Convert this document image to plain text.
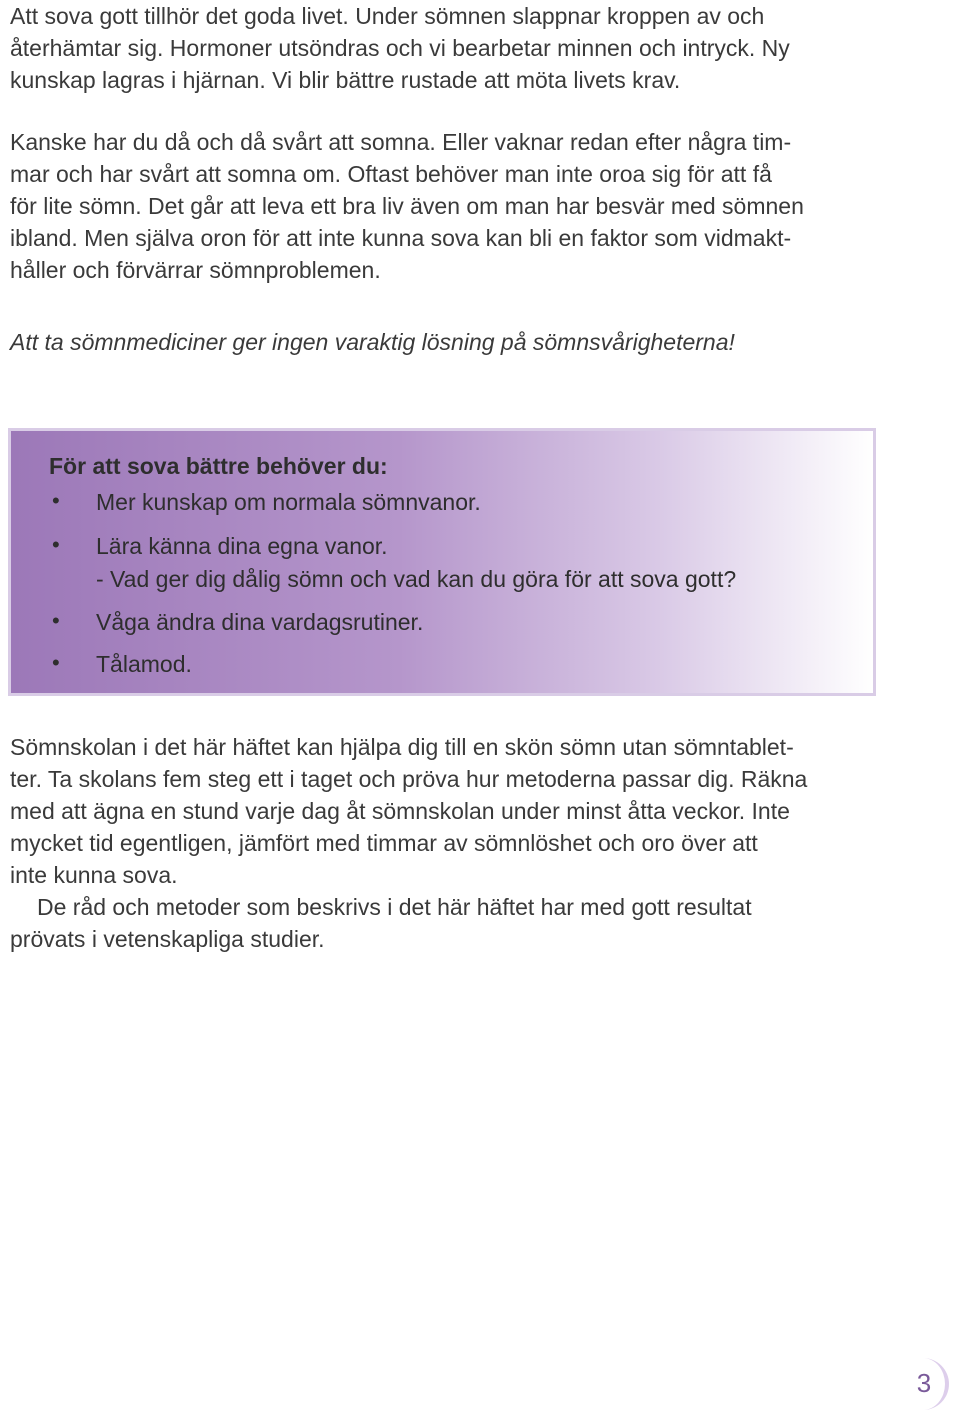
Att sova gott tillhör det goda livet. Under sömnen slappnar kroppen av och
återhämtar sig. Hormoner utsöndras och vi bearbetar minnen och intryck. Ny
kunskap lagras i hjärnan. Vi blir bättre rustade att möta livets krav.

Kanske har du då och då svårt att somna. Eller vaknar redan efter några tim-
mar och har svårt att somna om. Oftast behöver man inte oroa sig för att få
för lite sömn. Det går att leva ett bra liv även om man har besvär med sömnen
ibland. Men själva oron för att inte kunna sova kan bli en faktor som vidmakt-
håller och förvärrar sömnproblemen.

Att ta sömnmediciner ger ingen varaktig lösning på sömnsvårigheterna!

För att sova bättre behöver du:

• Mer kunskap om normala sömnvanor.
• Lära känna dina egna vanor.
- Vad ger dig dålig sömn och vad kan du göra för att sova gott?
• Våga ändra dina vardagsrutiner.
• Tålamod.

Sömnskolan i det här häftet kan hjälpa dig till en skön sömn utan sömntablet-
ter. Ta skolans fem steg ett i taget och pröva hur metoderna passar dig. Räkna
med att ägna en stund varje dag åt sömnskolan under minst åtta veckor. Inte
mycket tid egentligen, jämfört med timmar av sömnlöshet och oro över att
inte kunna sova.
De råd och metoder som beskrivs i det här häftet har med gott resultat
prövats i vetenskapliga studier.

3
